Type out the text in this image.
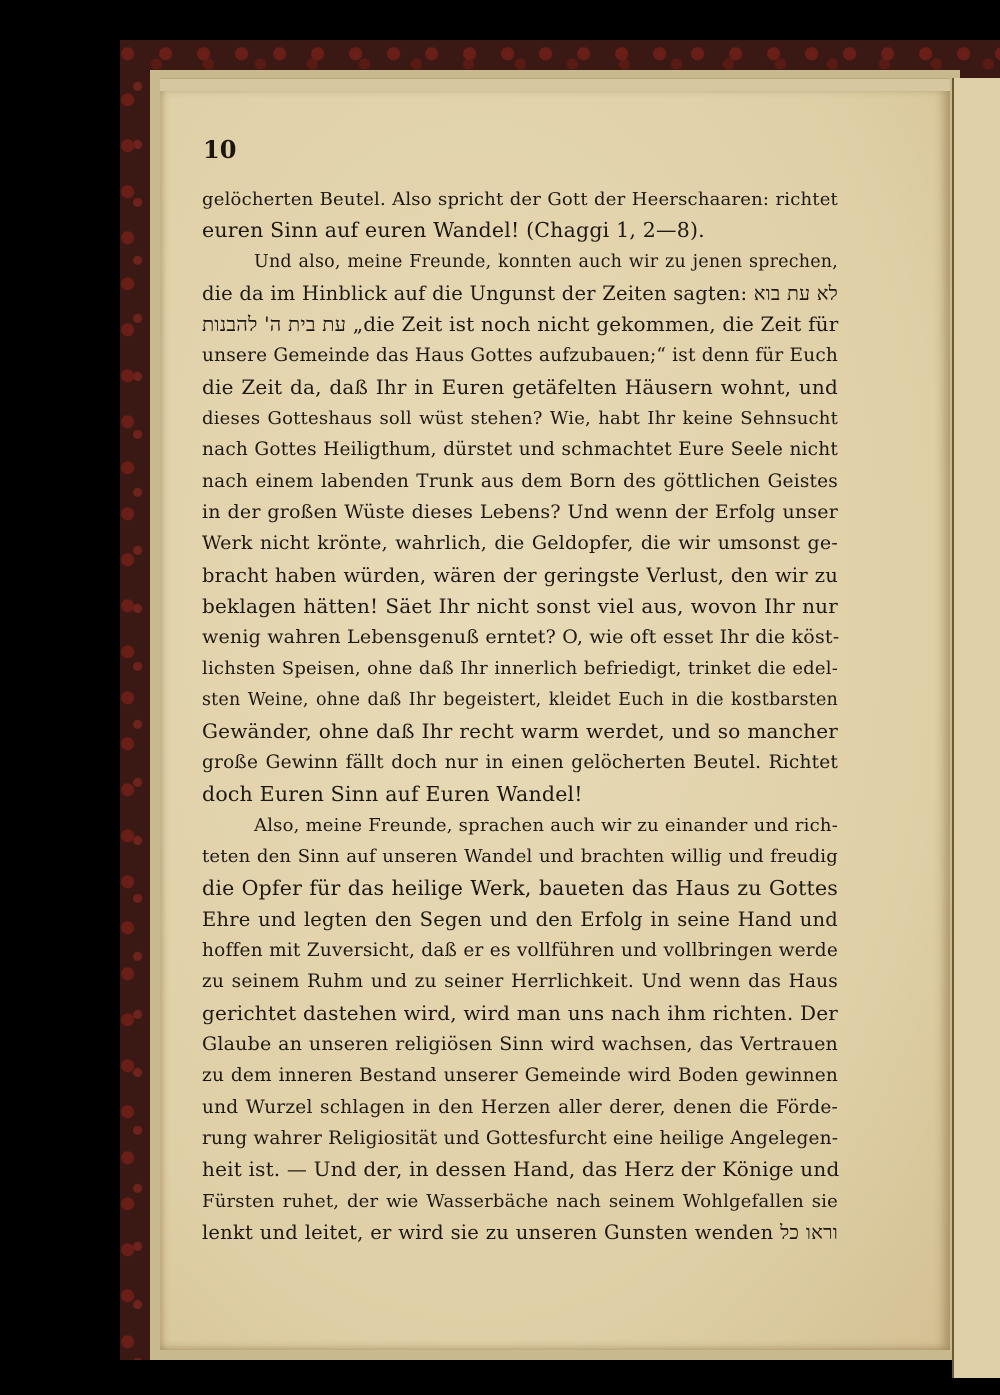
10
gelöcherten Beutel. Also spricht der Gott der Heerschaaren: richtet
euren Sinn auf euren Wandel! (Chaggi 1, 2—8).
Und also, meine Freunde, konnten auch wir zu jenen sprechen,
die da im Hinblick auf die Ungunst der Zeiten sagten: לא עת בוא
עת בית ה' להבנות „die Zeit ist noch nicht gekommen, die Zeit für
unsere Gemeinde das Haus Gottes aufzubauen;“ ist denn für Euch
die Zeit da, daß Ihr in Euren getäfelten Häusern wohnt, und
dieses Gotteshaus soll wüst stehen? Wie, habt Ihr keine Sehnsucht
nach Gottes Heiligthum, dürstet und schmachtet Eure Seele nicht
nach einem labenden Trunk aus dem Born des göttlichen Geistes
in der großen Wüste dieses Lebens? Und wenn der Erfolg unser
Werk nicht krönte, wahrlich, die Geldopfer, die wir umsonst ge-
bracht haben würden, wären der geringste Verlust, den wir zu
beklagen hätten! Säet Ihr nicht sonst viel aus, wovon Ihr nur
wenig wahren Lebensgenuß erntet? O, wie oft esset Ihr die köst-
lichsten Speisen, ohne daß Ihr innerlich befriedigt, trinket die edel-
sten Weine, ohne daß Ihr begeistert, kleidet Euch in die kostbarsten
Gewänder, ohne daß Ihr recht warm werdet, und so mancher
große Gewinn fällt doch nur in einen gelöcherten Beutel. Richtet
doch Euren Sinn auf Euren Wandel!
Also, meine Freunde, sprachen auch wir zu einander und rich-
teten den Sinn auf unseren Wandel und brachten willig und freudig
die Opfer für das heilige Werk, baueten das Haus zu Gottes
Ehre und legten den Segen und den Erfolg in seine Hand und
hoffen mit Zuversicht, daß er es vollführen und vollbringen werde
zu seinem Ruhm und zu seiner Herrlichkeit. Und wenn das Haus
gerichtet dastehen wird, wird man uns nach ihm richten. Der
Glaube an unseren religiösen Sinn wird wachsen, das Vertrauen
zu dem inneren Bestand unserer Gemeinde wird Boden gewinnen
und Wurzel schlagen in den Herzen aller derer, denen die Förde-
rung wahrer Religiosität und Gottesfurcht eine heilige Angelegen-
heit ist. — Und der, in dessen Hand, das Herz der Könige und
Fürsten ruhet, der wie Wasserbäche nach seinem Wohlgefallen sie
lenkt und leitet, er wird sie zu unseren Gunsten wenden וראו כל
